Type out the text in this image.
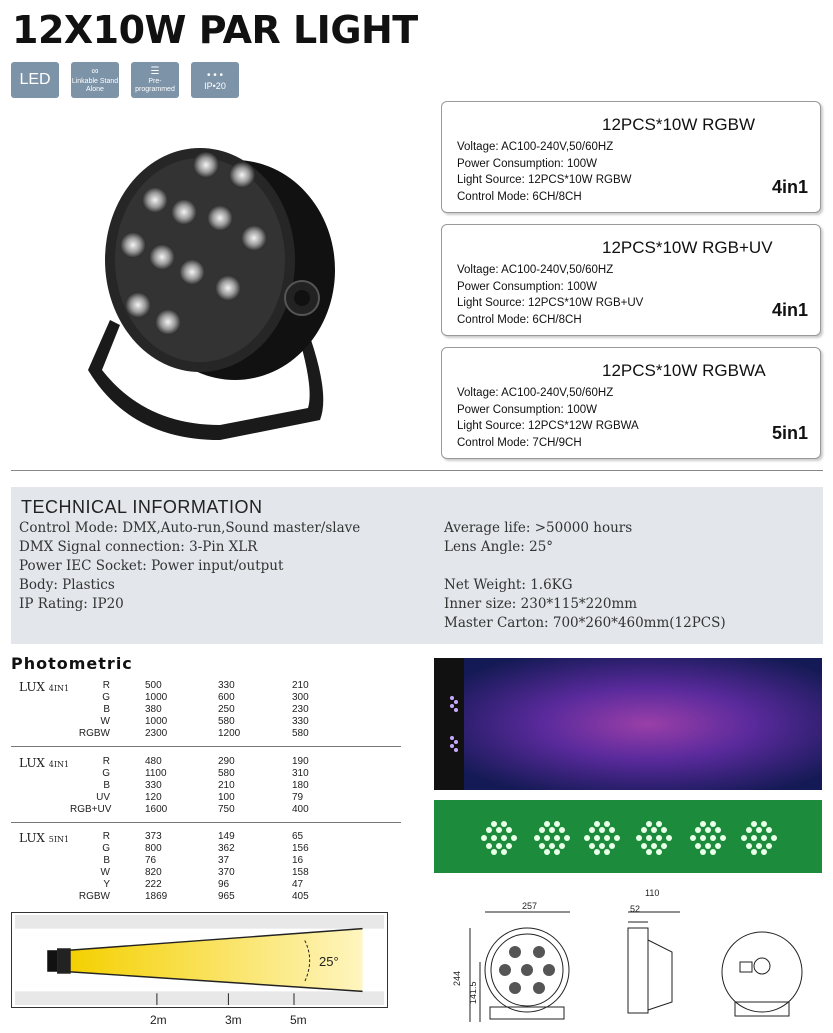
12X10W PAR LIGHT
LED	∞
Linkable Stand Alone
☰
Pre-programmed
• • •
IP•20
12PCS*10W RGBW
Voltage: AC100-240V,50/60HZ
Power Consumption: 100W
Light Source: 12PCS*10W RGBW
Control Mode: 6CH/8CH	4in1
12PCS*10W RGB+UV
Voltage: AC100-240V,50/60HZ
Power Consumption: 100W
Light Source: 12PCS*10W RGB+UV
Control Mode: 6CH/8CH	4in1
12PCS*10W RGBWA
Voltage: AC100-240V,50/60HZ
Power Consumption: 100W
Light Source: 12PCS*12W RGBWA
Control Mode: 7CH/9CH	5in1
TECHNICAL INFORMATION
Control Mode: DMX,Auto-run,Sound master/slave
DMX Signal connection: 3-Pin XLR
Power IEC Socket: Power input/output
Body: Plastics
IP Rating: IP20
Average life: >50000 hours
Lens Angle: 25°
Net Weight: 1.6KG
Inner size: 230*115*220mm
Master Carton: 700*260*460mm(12PCS)
Photometric
LUX 4IN1	R	500	330	210
G	1000	600	300
B	380	250	230
W	1000	580	330
RGBW	2300	1200	580
LUX 4IN1	R	480	290	190
G	1100	580	310
B	330	210	180
UV	120	100	79
RGB+UV	1600	750	400
LUX 5IN1	R	373	149	65
G	800	362	156
B	76	37	16
W	820	370	158
Y	222	96	47
RGBW	1869	965	405
25°
2m	3m	5m
257
110
52
244
141.5
